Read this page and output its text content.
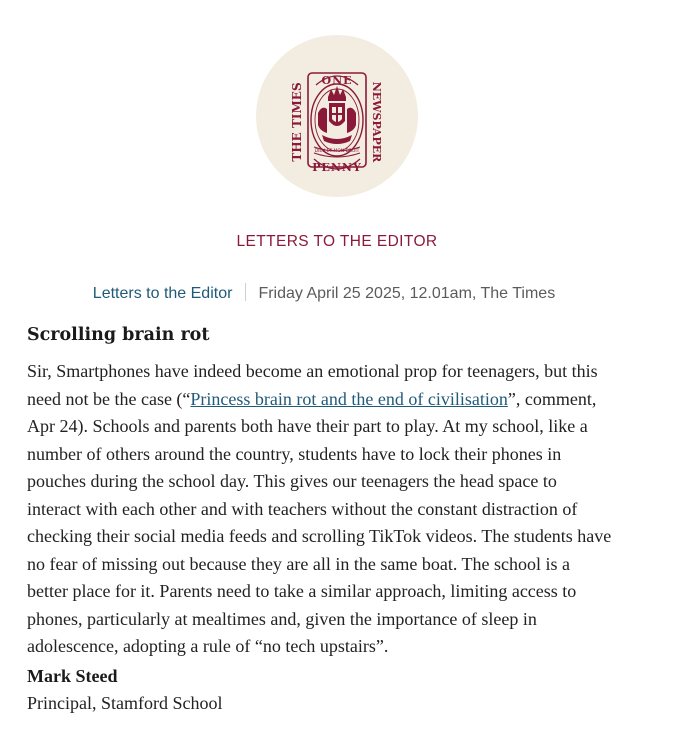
ONE
PENNY
DIEU ET MON DROIT
THE TIMES	NEWSPAPER
LETTERS TO THE EDITOR
Letters to the Editor Friday April 25 2025, 12.01am, The Times
Scrolling brain rot
Sir, Smartphones have indeed become an emotional prop for teenagers, but this
need not be the case (“Princess brain rot and the end of civilisation”, comment,
Apr 24). Schools and parents both have their part to play. At my school, like a
number of others around the country, students have to lock their phones in
pouches during the school day. This gives our teenagers the head space to
interact with each other and with teachers without the constant distraction of
checking their social media feeds and scrolling TikTok videos. The students have
no fear of missing out because they are all in the same boat. The school is a
better place for it. Parents need to take a similar approach, limiting access to
phones, particularly at mealtimes and, given the importance of sleep in
adolescence, adopting a rule of “no tech upstairs”.
Mark Steed
Principal, Stamford School
